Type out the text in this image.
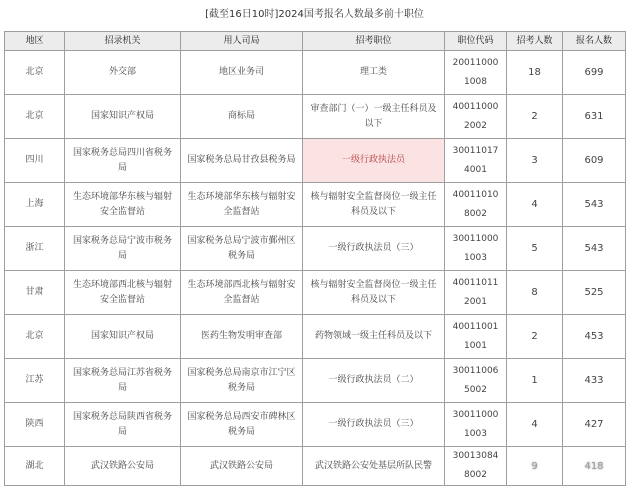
[截至16日10时]2024国考报名人数最多前十职位
地区	招录机关	用人司局	招考职位	职位代码	招考人数	报名人数
北京	外交部	地区业务司	理工类	200110001008	18	699
北京	国家知识产权局	商标局	审查部门（一）一级主任科员及以下	400110002002	2	631
四川	国家税务总局四川省税务局	国家税务总局甘孜县税务局	一级行政执法员	300110174001	3	609
上海	生态环境部华东核与辐射安全监督站	生态环境部华东核与辐射安全监督站	核与辐射安全监督岗位一级主任科员及以下	400110108002	4	543
浙江	国家税务总局宁波市税务局	国家税务总局宁波市鄞州区税务局	一级行政执法员（三）	300110001003	5	543
甘肃	生态环境部西北核与辐射安全监督站	生态环境部西北核与辐射安全监督站	核与辐射安全监督岗位一级主任科员及以下	400110112001	8	525
北京	国家知识产权局	医药生物发明审查部	药物领域一级主任科员及以下	400110011001	2	453
江苏	国家税务总局江苏省税务局	国家税务总局南京市江宁区税务局	一级行政执法员（二）	300110065002	1	433
陕西	国家税务总局陕西省税务局	国家税务总局西安市碑林区税务局	一级行政执法员（三）	300110001003	4	427
湖北	武汉铁路公安局	武汉铁路公安局	武汉铁路公安处基层所队民警	300130848002	9	418
